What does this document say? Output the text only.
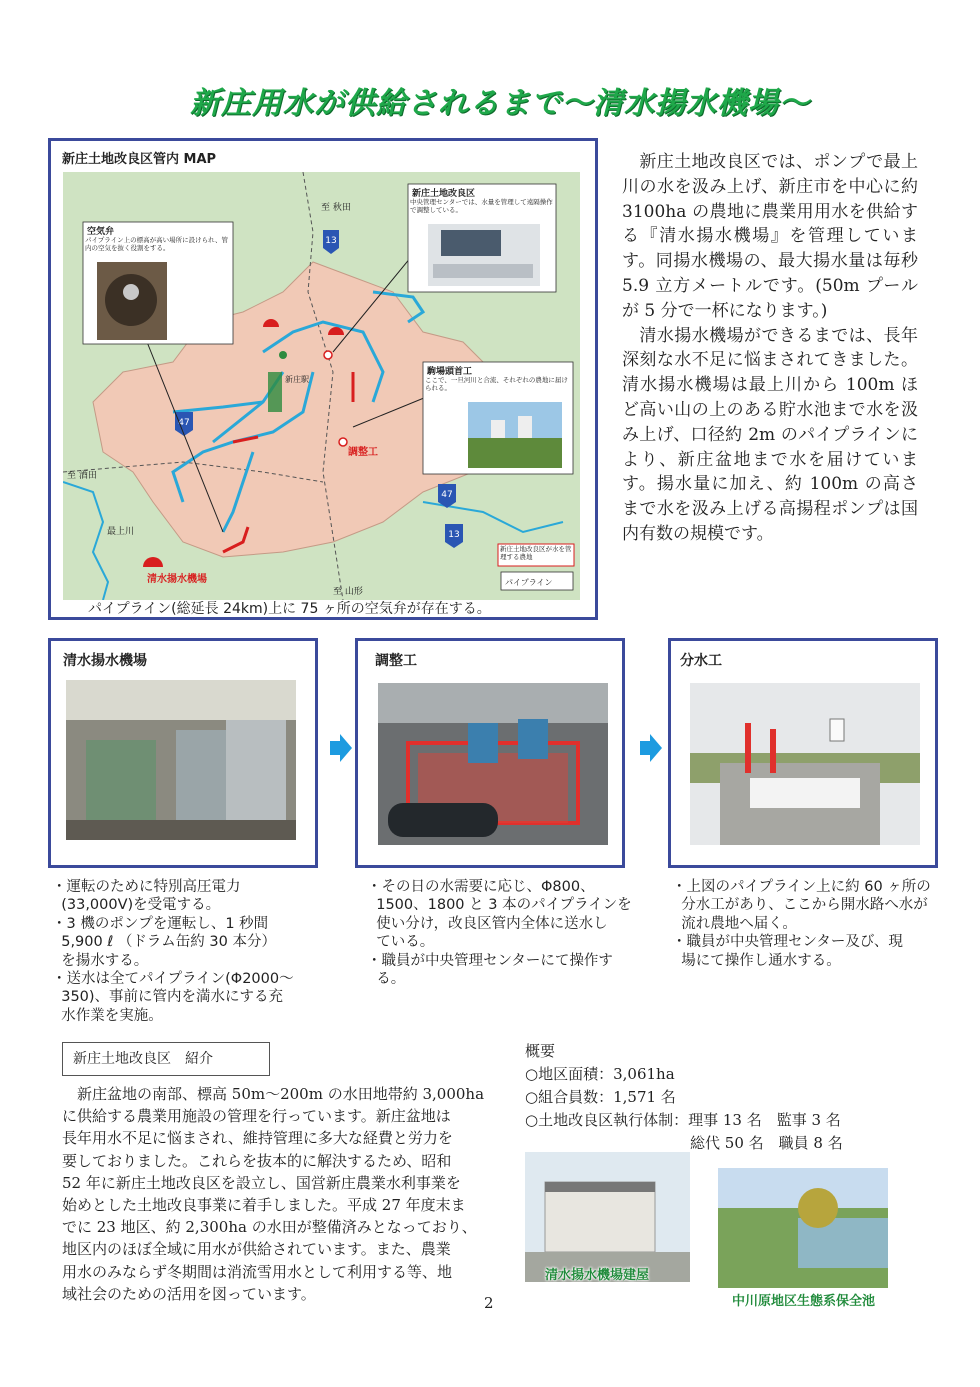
新庄用水が供給されるまで〜清水揚水機場〜
新庄土地改良区管内 MAP
13
47
47
13
至 秋田
至 酒田
至 山形
最上川
新庄駅
調整工
清水揚水機場
空気弁
パイプライン上の標高が高い場所に設けられ、管内の空気を抜く役割をする。
新庄土地改良区
中央管理センターでは、水量を管理して遠隔操作で調整している。
駒場頭首工
ここで、一旦河川と合流、それぞれの農地に届けられる。
新庄土地改良区が水を管理する農地
パイプライン
パイプライン(総延長 24km)上に 75 ヶ所の空気弁が存在する。
　新庄土地改良区では、ポンプで最上川の水を汲み上げ、新庄市を中心に約 3100ha の農地に農業用用水を供給する『清水揚水機場』を管理しています。同揚水機場の、最大揚水量は毎秒 5.9 立方メートルです。(50m プールが 5 分で一杯になります。)
　清水揚水機場ができるまでは、長年深刻な水不足に悩まされてきました。清水揚水機場は最上川から 100m ほど高い山の上のある貯水池まで水を汲み上げ、口径約 2m のパイプラインにより、新庄盆地まで水を届けています。揚水量に加え、約 100m の高さまで水を汲み上げる高揚程ポンプは国内有数の規模です。
清水揚水機場	調整工	分水工
・運転のために特別高圧電力
(33,000V)を受電する。
・3 機のポンプを運転し、1 秒間
5,900 ℓ （ドラム缶約 30 本分）
を揚水する。
・送水は全てパイプライン(Φ2000〜
350)、事前に管内を満水にする充
水作業を実施。
・その日の水需要に応じ、Φ800、
1500、1800 と 3 本のパイプラインを
使い分け，改良区管内全体に送水し
ている。
・職員が中央管理センターにて操作す
る。
・上図のパイプライン上に約 60 ヶ所の
分水工があり、ここから開水路へ水が
流れ農地へ届く。
・職員が中央管理センター及び、現
場にて操作し通水する。
新庄土地改良区　紹介
　新庄盆地の南部、標高 50m〜200m の水田地帯約 3,000ha
に供給する農業用施設の管理を行っています。新庄盆地は
長年用水不足に悩まされ、維持管理に多大な経費と労力を
要しておりました。これらを抜本的に解決するため、昭和
52 年に新庄土地改良区を設立し、国営新庄農業水利事業を
始めとした土地改良事業に着手しました。平成 27 年度末ま
でに 23 地区、約 2,300ha の水田が整備済みとなっており、
地区内のほぼ全域に用水が供給されています。また、農業
用水のみならず冬期間は消流雪用水として利用する等、地
域社会のための活用を図っています。
概要
○地区面積：3,061ha
○組合員数：1,571 名
○土地改良区執行体制：理事 13 名　監事 3 名
　　　　　　　　　　　総代 50 名　職員 8 名
清水揚水機場建屋
中川原地区生態系保全池
2
